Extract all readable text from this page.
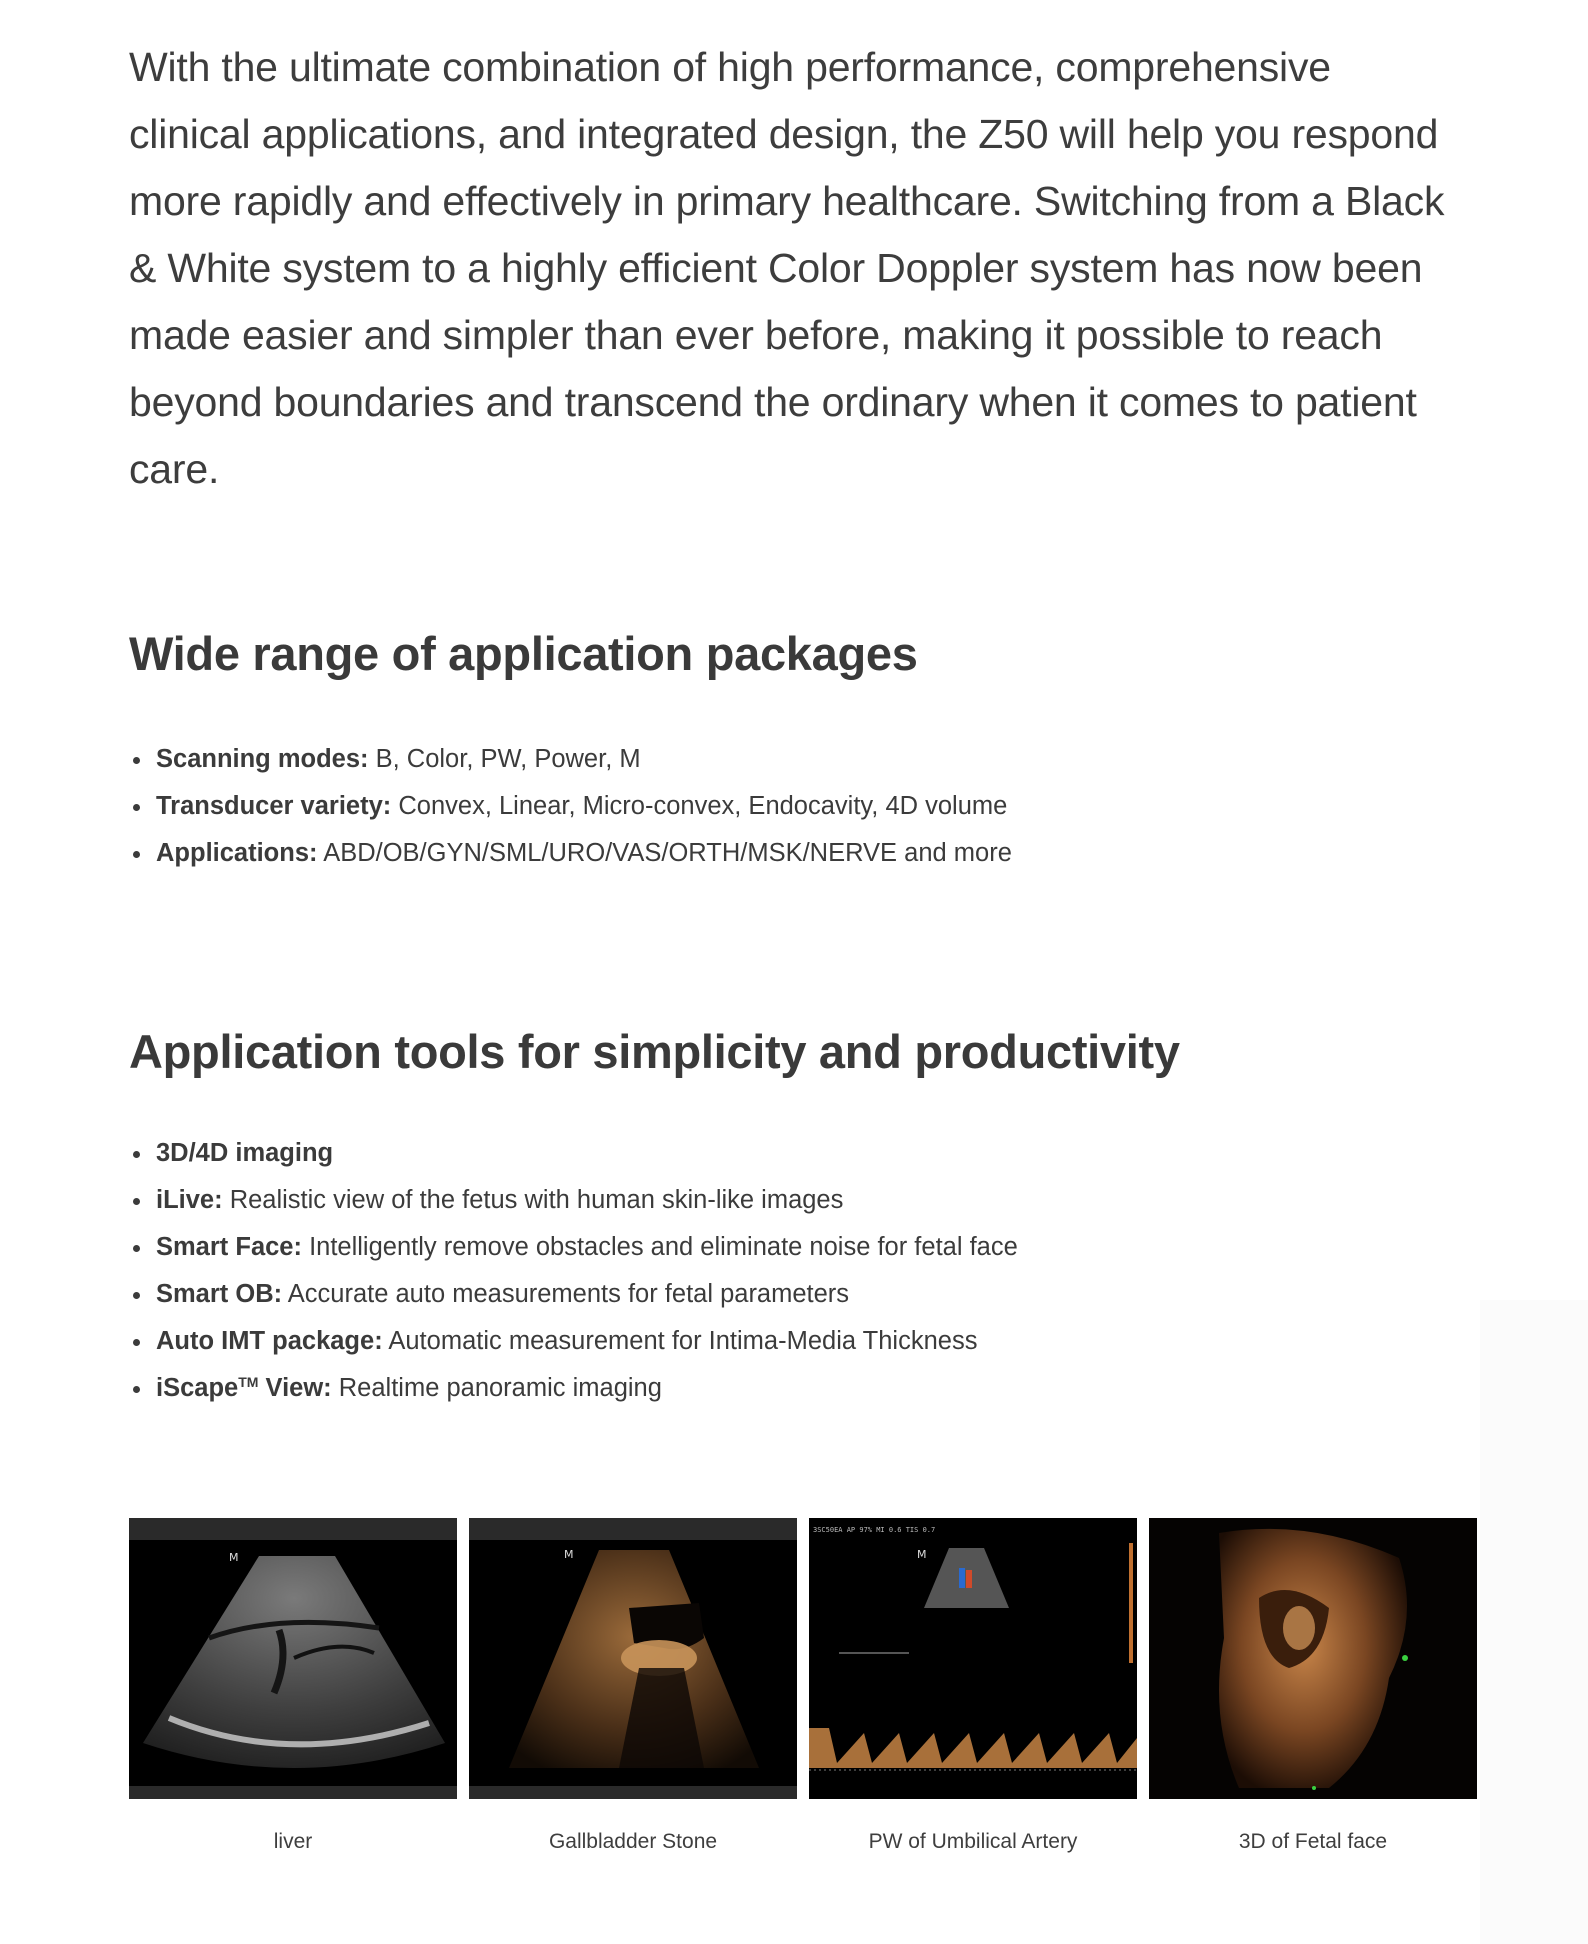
With the ultimate combination of high performance, comprehensive clinical applications, and integrated design, the Z50 will help you respond more rapidly and effectively in primary healthcare. Switching from a Black & White system to a highly efficient Color Doppler system has now been made easier and simpler than ever before, making it possible to reach beyond boundaries and transcend the ordinary when it comes to patient care.

Wide range of application packages
Scanning modes: B, Color, PW, Power, M
Transducer variety: Convex, Linear, Micro-convex, Endocavity, 4D volume
Applications: ABD/OB/GYN/SML/URO/VAS/ORTH/MSK/NERVE and more
Application tools for simplicity and productivity
3D/4D imaging
iLive: Realistic view of the fetus with human skin-like images
Smart Face: Intelligently remove obstacles and eliminate noise for fetal face
Smart OB: Accurate auto measurements for fetal parameters
Auto IMT package: Automatic measurement for Intima-Media Thickness
iScape™ View: Realtime panoramic imaging
M	M
3SC50EA AP 97% MI 0.6 TIS 0.7
M
liver	Gallbladder Stone	PW of Umbilical Artery	3D of Fetal face
